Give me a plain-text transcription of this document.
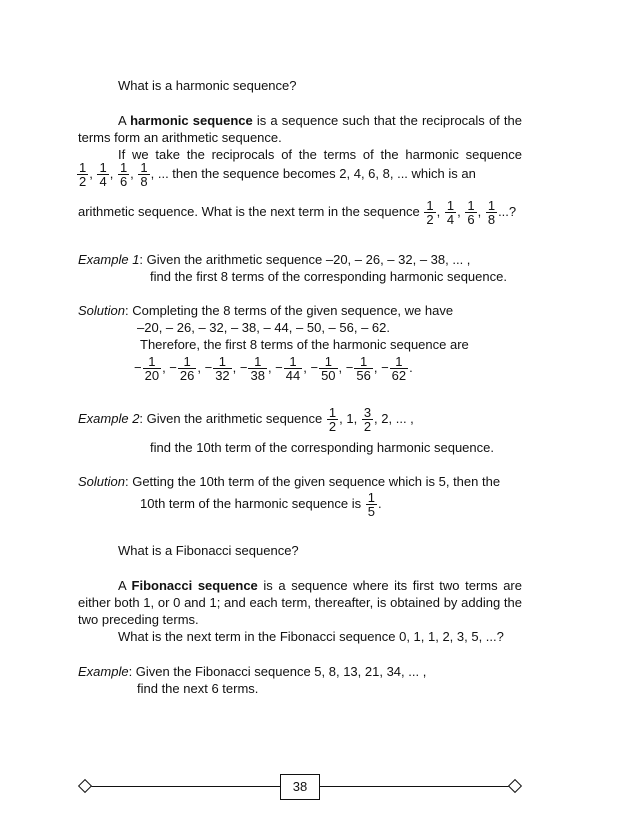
What is a harmonic sequence?
A harmonic sequence is a sequence such that the reciprocals of the
terms form an arithmetic sequence.
If we take the reciprocals of the terms of the harmonic sequence
$\frac{1}{2}$ , $\frac{1}{4}$ , $\frac{1}{6}$ , $\frac{1}{8}$ , ... then the sequence becomes 2, 4, 6, 8, ... which is an
arithmetic sequence. What is the next term in the sequence $\frac{1}{2}$ , $\frac{1}{4}$ , $\frac{1}{6}$ , $\frac{1}{8}$ ...?
Example 1: Given the arithmetic sequence –20, – 26, – 32, – 38, ... ,
find the first 8 terms of the corresponding harmonic sequence.
Solution: Completing the 8 terms of the given sequence, we have
–20, – 26, – 32, – 38, – 44, – 50, – 56, – 62.
Therefore, the first 8 terms of the harmonic sequence are
− $\frac{1}{20}$ , − $\frac{1}{26}$ , − $\frac{1}{32}$ , − $\frac{1}{38}$ , − $\frac{1}{44}$ , − $\frac{1}{50}$ , − $\frac{1}{56}$ , − $\frac{1}{62}$ .
Example 2: Given the arithmetic sequence $\frac{1}{2}$ , 1, $\frac{3}{2}$ , 2, ... ,
find the 10th term of the corresponding harmonic sequence.
Solution: Getting the 10th term of the given sequence which is 5, then the
10th term of the harmonic sequence is $\frac{1}{5}$ .
What is a Fibonacci sequence?
A Fibonacci sequence is a sequence where its first two terms are
either both 1, or 0 and 1; and each term, thereafter, is obtained by adding the
two preceding terms.
What is the next term in the Fibonacci sequence 0, 1, 1, 2, 3, 5, ...?
Example: Given the Fibonacci sequence 5, 8, 13, 21, 34, ... ,
find the next 6 terms.
38
